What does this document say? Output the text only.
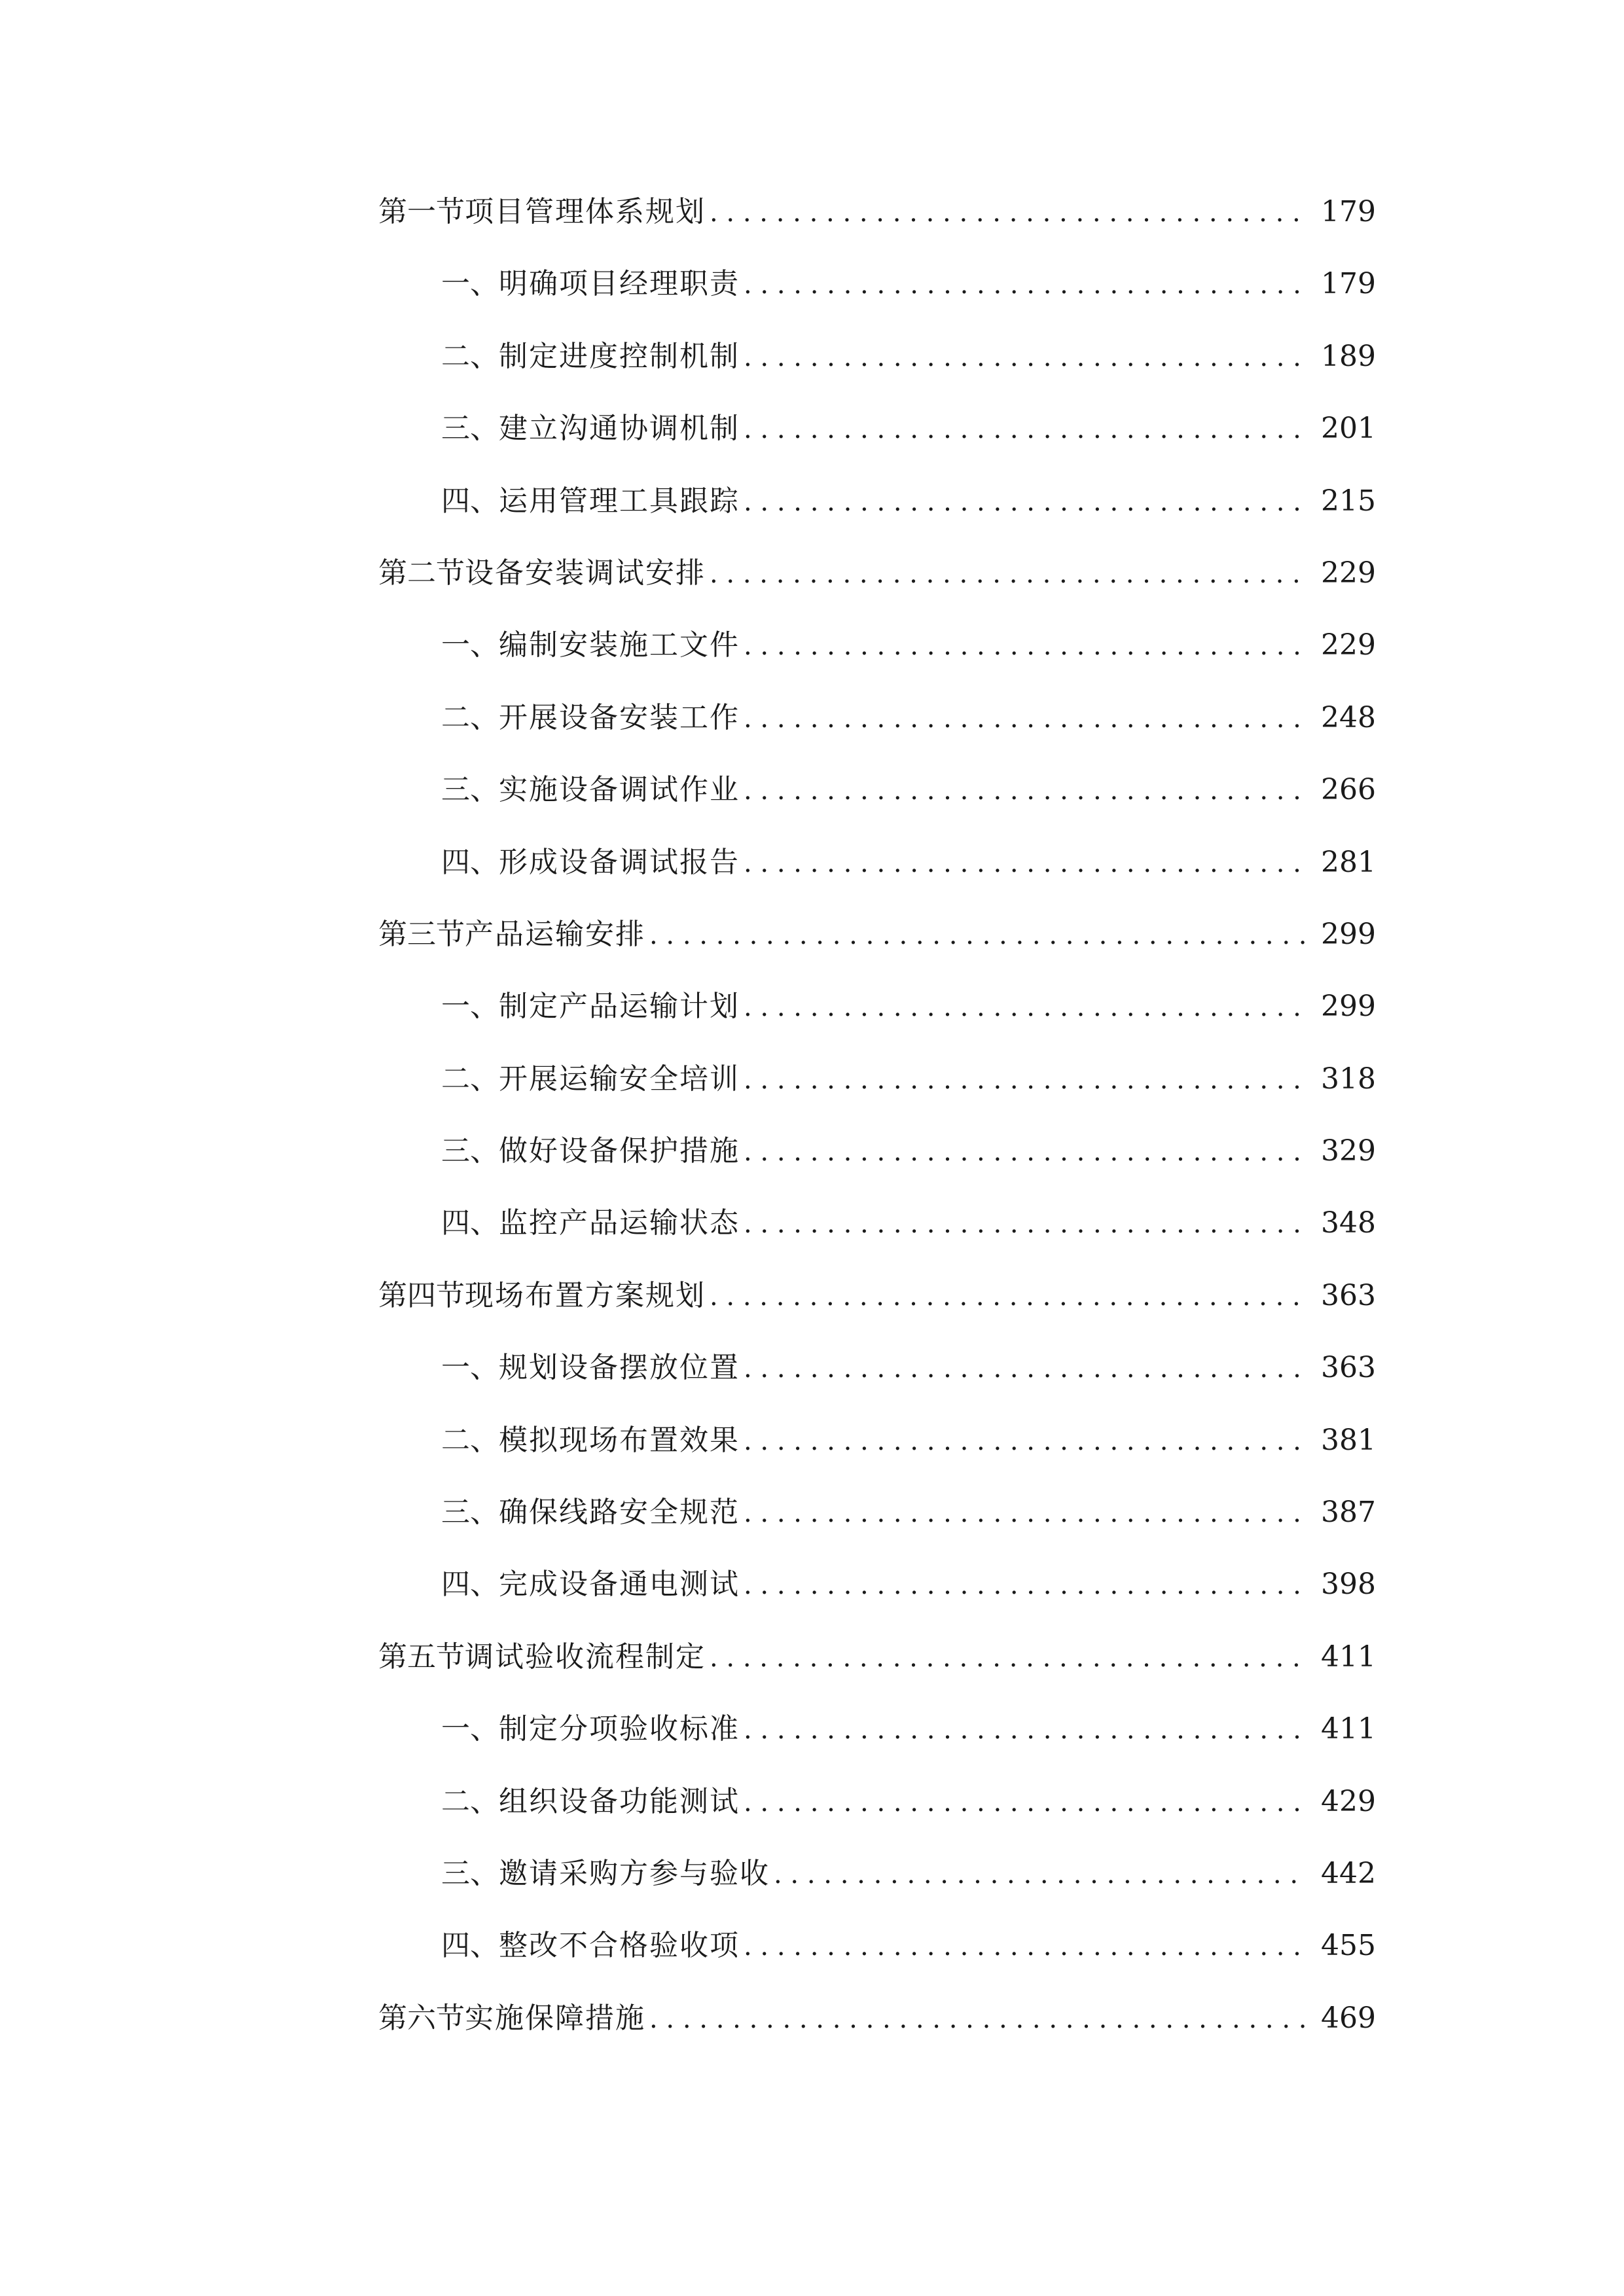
第一节 项目管理体系规划 . . .	179
一、 明确项目经理职责 . . .	179
二、 制定进度控制机制 . . .	189
三、 建立沟通协调机制 . . .	201
四、 运用管理工具跟踪 . . .	215
第二节 设备安装调试安排 . . .	229
一、 编制安装施工文件 . . .	229
二、 开展设备安装工作 . . .	248
三、 实施设备调试作业 . . .	266
四、 形成设备调试报告 . . .	281
第三节 产品运输安排 . . .	299
一、 制定产品运输计划 . . .	299
二、 开展运输安全培训 . . .	318
三、 做好设备保护措施 . . .	329
四、 监控产品运输状态 . . .	348
第四节 现场布置方案规划 . . .	363
一、 规划设备摆放位置 . . .	363
二、 模拟现场布置效果 . . .	381
三、 确保线路安全规范 . . .	387
四、 完成设备通电测试 . . .	398
第五节 调试验收流程制定 . . .	411
一、 制定分项验收标准 . . .	411
二、 组织设备功能测试 . . .	429
三、 邀请采购方参与验收 . . .	442
四、 整改不合格验收项 . . .	455
第六节 实施保障措施 . . .	469
